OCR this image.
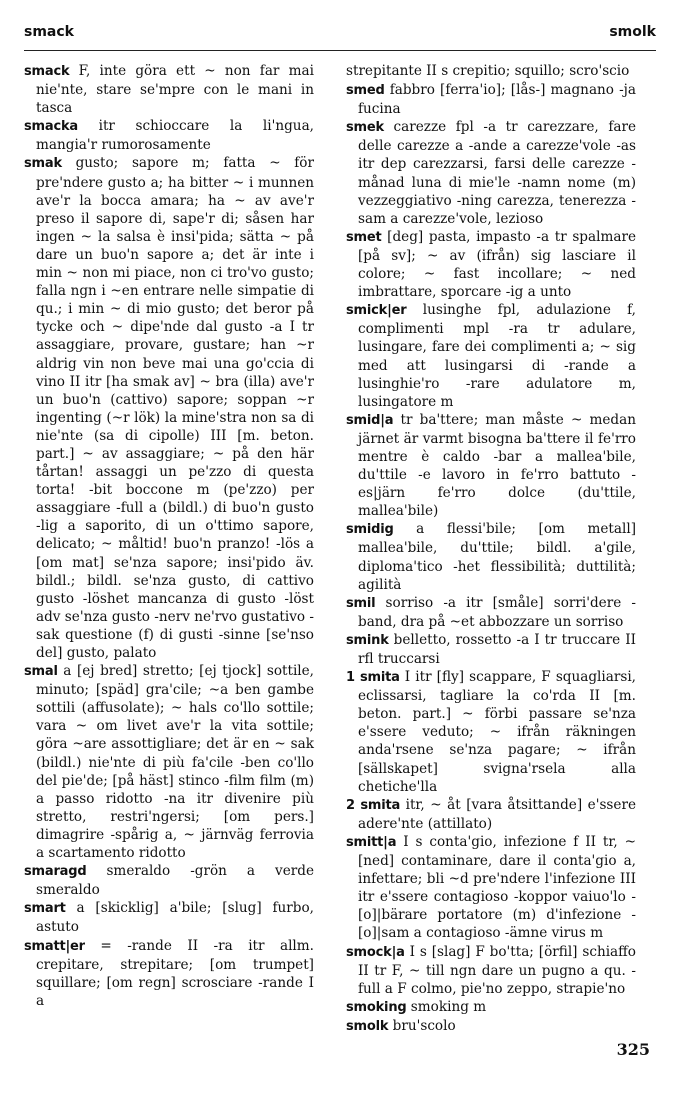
smack	smolk

smack F, inte göra ett ~ non far mai nie'nte, stare se'mpre con le mani in tasca

smacka itr schioccare la li'ngua, mangia'r rumorosamente

smak gusto; sapore m; fatta ~ för pre'ndere gusto a; ha bitter ~ i munnen ave'r la bocca amara; ha ~ av ave'r preso il sapore di, sape'r di; såsen har ingen ~ la salsa è insi'pida; sätta ~ på dare un buo'n sapore a; det är inte i min ~ non mi piace, non ci tro'vo gusto; falla ngn i ~en entrare nelle simpatie di qu.; i min ~ di mio gusto; det beror på tycke och ~ dipe'nde dal gusto -a I tr assaggiare, provare, gustare; han ~r aldrig vin non beve mai una go'ccia di vino II itr [ha smak av] ~ bra (illa) ave'r un buo'n (cattivo) sapore; soppan ~r ingenting (~r lök) la mine'stra non sa di nie'nte (sa di cipolle) III [m. beton. part.] ~ av assaggiare; ~ på den här tårtan! assaggi un pe'zzo di questa torta! -bit boccone m (pe'zzo) per assaggiare -full a (bildl.) di buo'n gusto -lig a saporito, di un o'ttimo sapore, delicato; ~ måltid! buo'n pranzo! -lös a [om mat] se'nza sapore; insi'pido äv. bildl.; bildl. se'nza gusto, di cattivo gusto -löshet mancanza di gusto -löst adv se'nza gusto -nerv ne'rvo gustativo -sak questione (f) di gusti -sinne [se'nso del] gusto, palato

smal a [ej bred] stretto; [ej tjock] sottile, minuto; [späd] gra'cile; ~a ben gambe sottili (affusolate); ~ hals co'llo sottile; vara ~ om livet ave'r la vita sottile; göra ~are assottigliare; det är en ~ sak (bildl.) nie'nte di più fa'cile -ben co'llo del pie'de; [på häst] stinco -film film (m) a passo ridotto -na itr divenire più stretto, restri'ngersi; [om pers.] dimagrire -spårig a, ~ järnväg ferrovia a scartamento ridotto

smaragd smeraldo -grön a verde smeraldo

smart a [skicklig] a'bile; [slug] furbo, astuto

smatt|er = -rande II -ra itr allm. crepitare, strepitare; [om trumpet] squillare; [om regn] scrosciare -rande I a

strepitante II s crepitio; squillo; scro'scio

smed fabbro [ferra'io]; [lås-] magnano -ja fucina

smek carezze fpl -a tr carezzare, fare delle carezze a -ande a carezze'vole -as itr dep carezzarsi, farsi delle carezze -månad luna di mie'le -namn nome (m) vezzeggiativo -ning carezza, tenerezza -sam a carezze'vole, lezioso

smet [deg] pasta, impasto -a tr spalmare [på sv]; ~ av (ifrån) sig lasciare il colore; ~ fast incollare; ~ ned imbrattare, sporcare -ig a unto

smick|er lusinghe fpl, adulazione f, complimenti mpl -ra tr adulare, lusingare, fare dei complimenti a; ~ sig med att lusingarsi di -rande a lusinghie'ro -rare adulatore m, lusingatore m

smid|a tr ba'ttere; man måste ~ medan järnet är varmt bisogna ba'ttere il fe'rro mentre è caldo -bar a mallea'bile, du'ttile -e lavoro in fe'rro battuto -es|järn fe'rro dolce (du'ttile, mallea'bile)

smidig a flessi'bile; [om metall] mallea'bile, du'ttile; bildl. a'gile, diploma'tico -het flessibilità; duttilità; agilità

smil sorriso -a itr [småle] sorri'dere -band, dra på ~et abbozzare un sorriso

smink belletto, rossetto -a I tr truccare II rfl truccarsi

1 smita I itr [fly] scappare, F squagliarsi, eclissarsi, tagliare la co'rda II [m. beton. part.] ~ förbi passare se'nza e'ssere veduto; ~ ifrån räkningen anda'rsene se'nza pagare; ~ ifrån [sällskapet] svigna'rsela alla chetiche'lla

2 smita itr, ~ åt [vara åtsittande] e'ssere adere'nte (attillato)

smitt|a I s conta'gio, infezione f II tr, ~ [ned] contaminare, dare il conta'gio a, infettare; bli ~d pre'ndere l'infezione III itr e'ssere contagioso -koppor vaiuo'lo -[o]|bärare portatore (m) d'infezione -[o]|sam a contagioso -ämne virus m

smock|a I s [slag] F bo'tta; [örfil] schiaffo II tr F, ~ till ngn dare un pugno a qu. -full a F colmo, pie'no zeppo, strapie'no

smoking smoking m

smolk bru'scolo

325
